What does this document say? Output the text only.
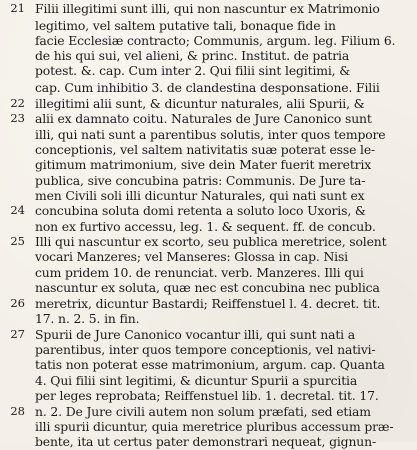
21 Filii illegitimi sunt illi, qui non nascuntur ex Matrimonio
legitimo, vel saltem putative tali, bonaque fide in
facie Ecclesiæ contracto; Communis, argum. leg. Filium 6.
de his qui sui, vel alieni, & princ. Institut. de patria
potest. &. cap. Cum inter 2. Qui filii sint legitimi, &
cap. Cum inhibitio 3. de clandestina desponsatione. Filii
22 illegitimi alii sunt, & dicuntur naturales, alii Spurii, &
23 alii ex damnato coitu. Naturales de Jure Canonico sunt
illi, qui nati sunt a parentibus solutis, inter quos tempore
conceptionis, vel saltem nativitatis suæ poterat esse le-
gitimum matrimonium, sive dein Mater fuerit meretrix
publica, sive concubina patris: Communis. De Jure ta-
men Civili soli illi dicuntur Naturales, qui nati sunt ex
24 concubina soluta domi retenta a soluto loco Uxoris, &
non ex furtivo accessu, leg. 1. & sequent. ff. de concub.
25 Illi qui nascuntur ex scorto, seu publica meretrice, solent
vocari Manzeres; vel Manseres: Glossa in cap. Nisi
cum pridem 10. de renunciat. verb. Manzeres. Illi qui
nascuntur ex soluta, quæ nec est concubina nec publica
26 meretrix, dicuntur Bastardi; Reiffenstuel l. 4. decret. tit.
17. n. 2. 5. in fin.
27 Spurii de Jure Canonico vocantur illi, qui sunt nati a
parentibus, inter quos tempore conceptionis, vel nativi-
tatis non poterat esse matrimonium, argum. cap. Quanta
4. Qui filii sint legitimi, & dicuntur Spurii a spurcitia
per leges reprobata; Reiffenstuel lib. 1. decretal. tit. 17.
28 n. 2. De Jure civili autem non solum præfati, sed etiam
illi spurii dicuntur, quia meretrice pluribus accessum præ-
bente, ita ut certus pater demonstrari nequeat, gignun-
